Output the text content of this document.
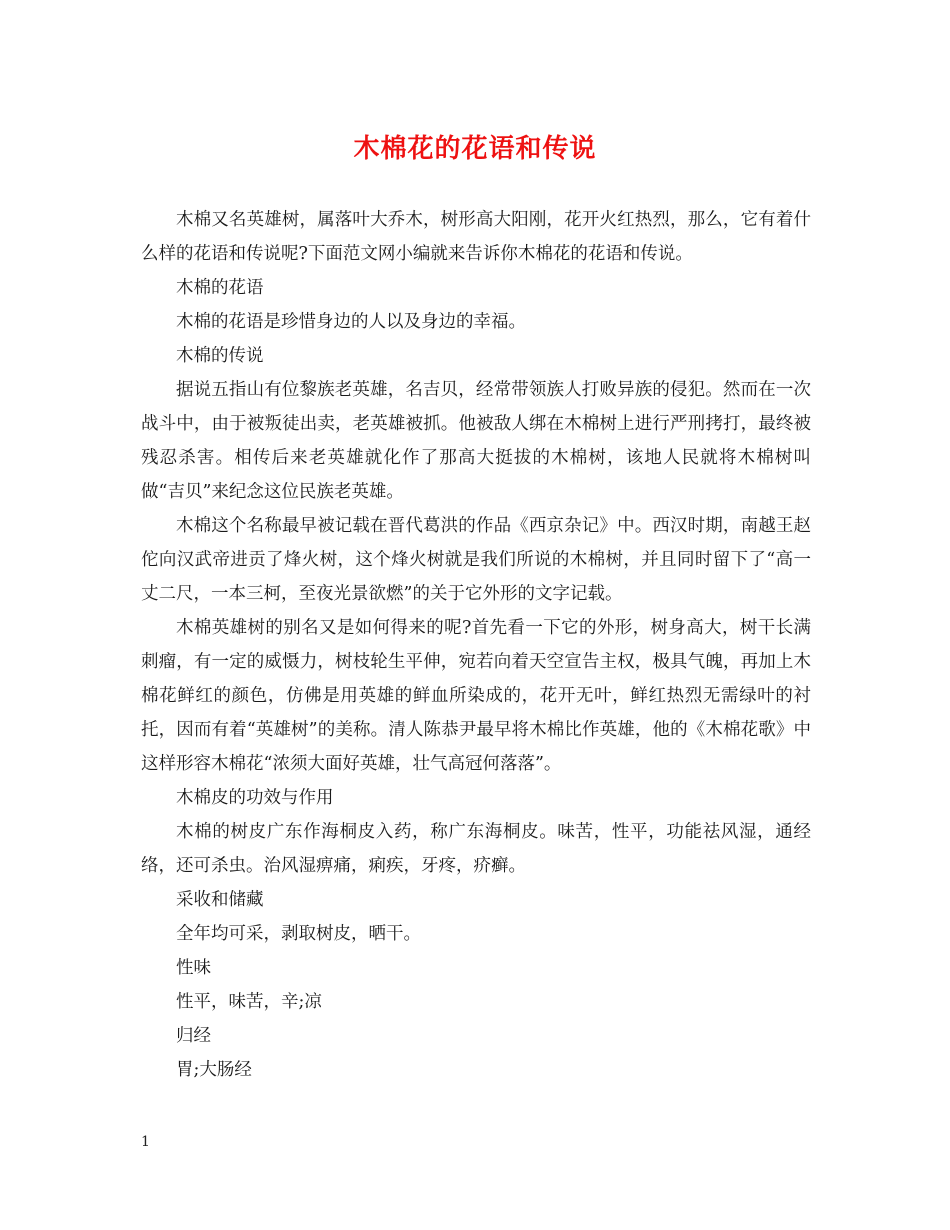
木棉花的花语和传说

木棉又名英雄树，属落叶大乔木，树形高大阳刚，花开火红热烈，那么，它有着什么样的花语和传说呢?下面范文网小编就来告诉你木棉花的花语和传说。

木棉的花语

木棉的花语是珍惜身边的人以及身边的幸福。

木棉的传说

据说五指山有位黎族老英雄，名吉贝，经常带领族人打败异族的侵犯。然而在一次战斗中，由于被叛徒出卖，老英雄被抓。他被敌人绑在木棉树上进行严刑拷打，最终被残忍杀害。相传后来老英雄就化作了那高大挺拔的木棉树，该地人民就将木棉树叫做“吉贝”来纪念这位民族老英雄。

木棉这个名称最早被记载在晋代葛洪的作品《西京杂记》中。西汉时期，南越王赵佗向汉武帝进贡了烽火树，这个烽火树就是我们所说的木棉树，并且同时留下了“高一丈二尺，一本三柯，至夜光景欲燃”的关于它外形的文字记载。

木棉英雄树的别名又是如何得来的呢?首先看一下它的外形，树身高大，树干长满刺瘤，有一定的威慑力，树枝轮生平伸，宛若向着天空宣告主权，极具气魄，再加上木棉花鲜红的颜色，仿佛是用英雄的鲜血所染成的，花开无叶，鲜红热烈无需绿叶的衬托，因而有着“英雄树”的美称。清人陈恭尹最早将木棉比作英雄，他的《木棉花歌》中这样形容木棉花“浓须大面好英雄，壮气高冠何落落”。

木棉皮的功效与作用

木棉的树皮广东作海桐皮入药，称广东海桐皮。味苦，性平，功能祛风湿，通经络，还可杀虫。治风湿痹痛，痢疾，牙疼，疥癣。

采收和储藏

全年均可采，剥取树皮，晒干。

性味

性平，味苦，辛;凉

归经

胃;大肠经

1
